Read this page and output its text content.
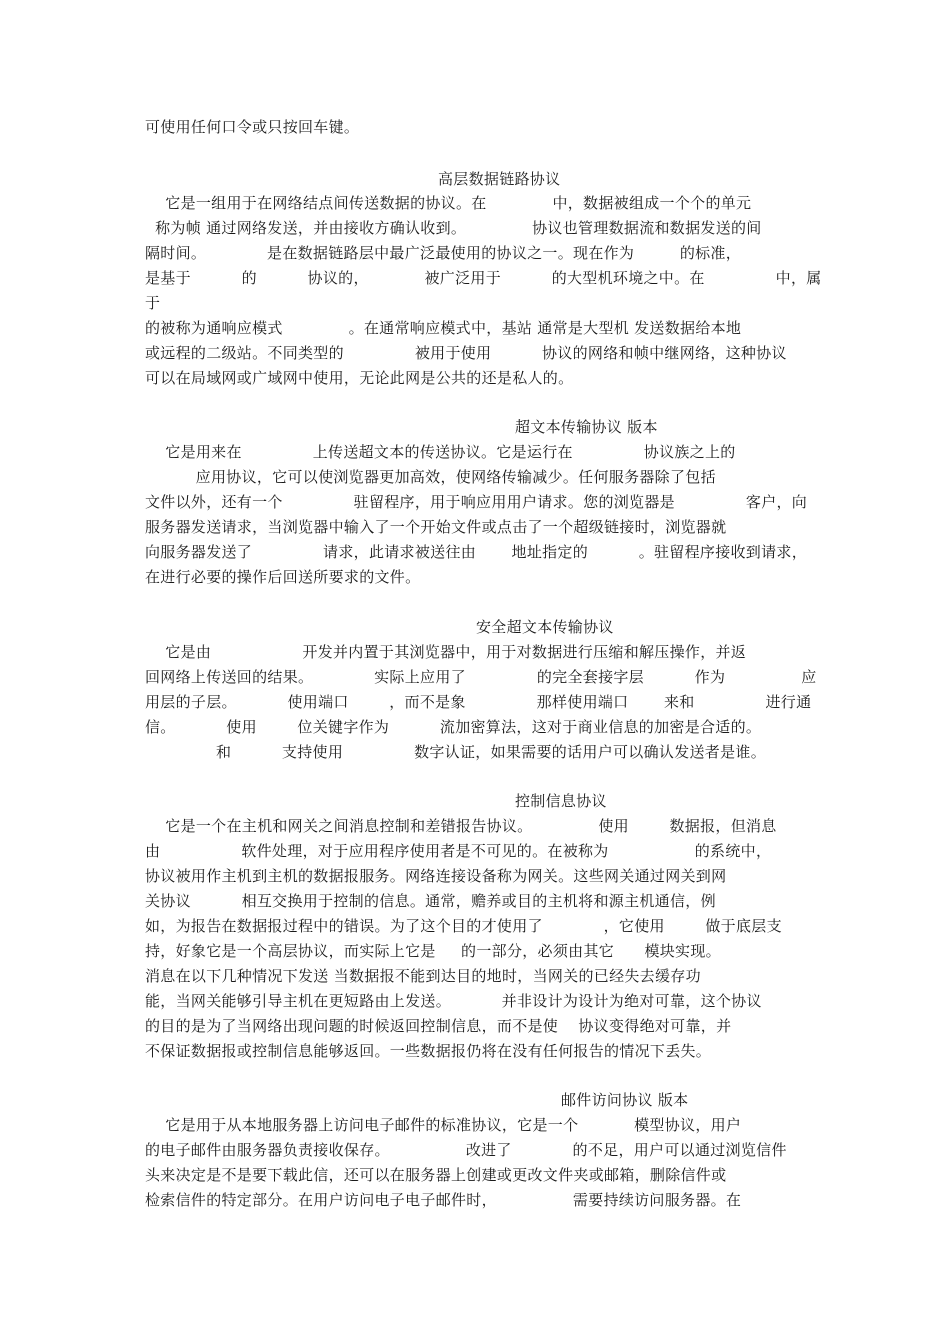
可使用任何口令或只按回车键。
高层数据链路协议
它是一组用于在网络结点间传送数据的协议。在             中，数据被组成一个个的单元
称为帧 通过网络发送，并由接收方确认收到。             协议也管理数据流和数据发送的间
隔时间。            是在数据链路层中最广泛最使用的协议之一。现在作为         的标准，
是基于          的          协议的，           被广泛用于          的大型机环境之中。在              中，属
于
的被称为通响应模式             。在通常响应模式中，基站 通常是大型机 发送数据给本地
或远程的二级站。不同类型的              被用于使用          协议的网络和帧中继网络，这种协议
可以在局域网或广域网中使用，无论此网是公共的还是私人的。
超文本传输协议 版本
它是用来在              上传送超文本的传送协议。它是运行在              协议族之上的
应用协议，它可以使浏览器更加高效，使网络传输减少。任何服务器除了包括
文件以外，还有一个              驻留程序，用于响应用用户请求。您的浏览器是              客户，向
服务器发送请求，当浏览器中输入了一个开始文件或点击了一个超级链接时，浏览器就
向服务器发送了              请求，此请求被送往由       地址指定的          。驻留程序接收到请求，
在进行必要的操作后回送所要求的文件。
安全超文本传输协议
它是由                  开发并内置于其浏览器中，用于对数据进行压缩和解压操作，并返
回网络上传送回的结果。            实际上应用了              的完全套接字层          作为               应
用层的子层。          使用端口        ，而不是象              那样使用端口       来和              进行通
信。          使用        位关键字作为          流加密算法，这对于商业信息的加密是合适的。
和          支持使用              数字认证，如果需要的话用户可以确认发送者是谁。
控制信息协议
它是一个在主机和网关之间消息控制和差错报告协议。             使用        数据报，但消息
由                软件处理，对于应用程序使用者是不可见的。在被称为                 的系统中，
协议被用作主机到主机的数据报服务。网络连接设备称为网关。这些网关通过网关到网
关协议          相互交换用于控制的信息。通常，赡养或目的主机将和源主机通信，例
如，为报告在数据报过程中的错误。为了这个目的才使用了            ，它使用        做于底层支
持，好象它是一个高层协议，而实际上它是     的一部分，必须由其它      模块实现。
消息在以下几种情况下发送 当数据报不能到达目的地时，当网关的已经失去缓存功
能，当网关能够引导主机在更短路由上发送。          并非设计为设计为绝对可靠，这个协议
的目的是为了当网络出现问题的时候返回控制信息，而不是使    协议变得绝对可靠，并
不保证数据报或控制信息能够返回。一些数据报仍将在没有任何报告的情况下丢失。
邮件访问协议 版本
它是用于从本地服务器上访问电子邮件的标准协议，它是一个           模型协议，用户
的电子邮件由服务器负责接收保存。               改进了            的不足，用户可以通过浏览信件
头来决定是不是要下载此信，还可以在服务器上创建或更改文件夹或邮箱，删除信件或
检索信件的特定部分。在用户访问电子电子邮件时，               需要持续访问服务器。在
